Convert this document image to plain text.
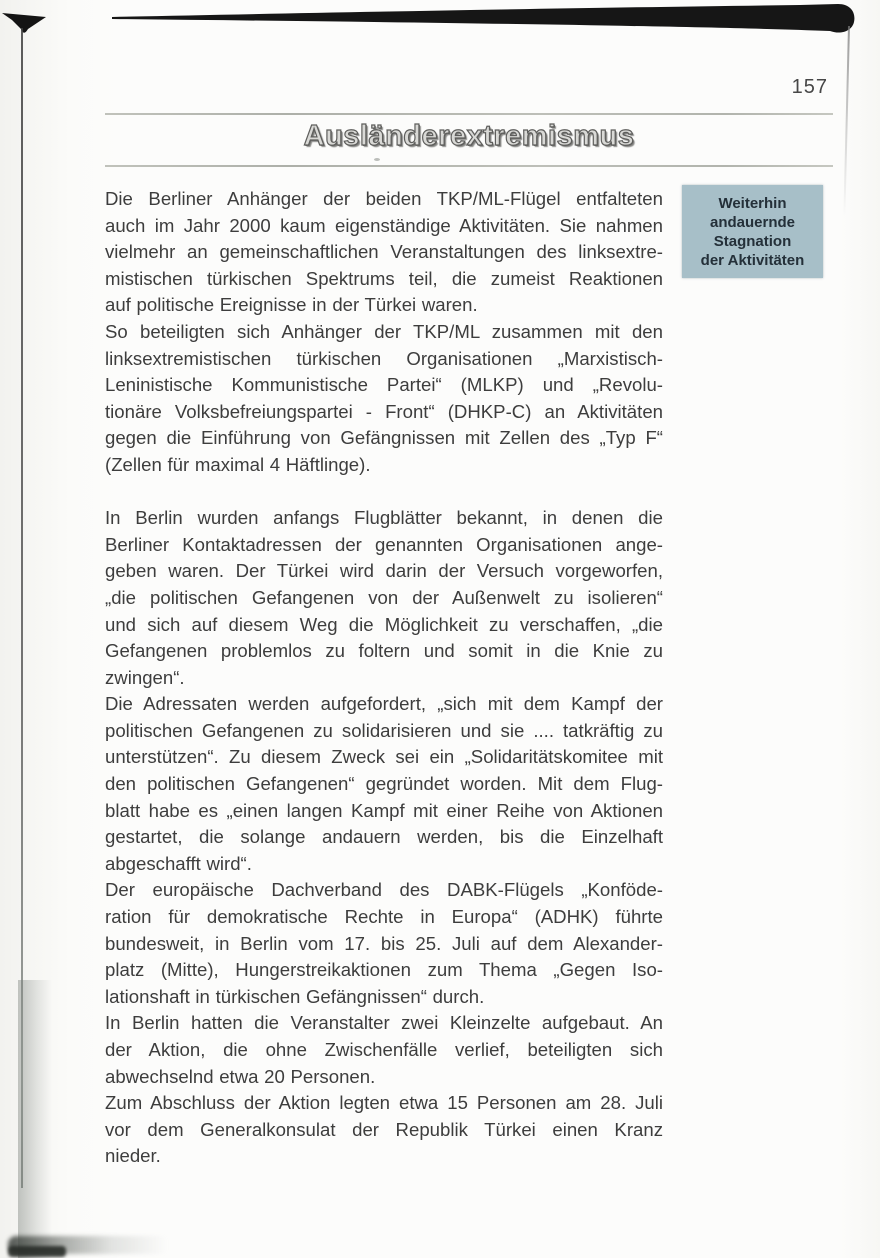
157
Ausländerextremismus
Die Berliner Anhänger der beiden TKP/ML-Flügel entfalteten
auch im Jahr 2000 kaum eigenständige Aktivitäten. Sie nahmen
vielmehr an gemeinschaftlichen Veranstaltungen des linksextre-
mistischen türkischen Spektrums teil, die zumeist Reaktionen
auf politische Ereignisse in der Türkei waren.
So beteiligten sich Anhänger der TKP/ML zusammen mit den
linksextremistischen türkischen Organisationen „Marxistisch-
Leninistische Kommunistische Partei“ (MLKP) und „Revolu-
tionäre Volksbefreiungspartei - Front“ (DHKP-C) an Aktivitäten
gegen die Einführung von Gefängnissen mit Zellen des „Typ F“
(Zellen für maximal 4 Häftlinge).
In Berlin wurden anfangs Flugblätter bekannt, in denen die
Berliner Kontaktadressen der genannten Organisationen ange-
geben waren. Der Türkei wird darin der Versuch vorgeworfen,
„die politischen Gefangenen von der Außenwelt zu isolieren“
und sich auf diesem Weg die Möglichkeit zu verschaffen, „die
Gefangenen problemlos zu foltern und somit in die Knie zu
zwingen“.
Die Adressaten werden aufgefordert, „sich mit dem Kampf der
politischen Gefangenen zu solidarisieren und sie .... tatkräftig zu
unterstützen“. Zu diesem Zweck sei ein „Solidaritätskomitee mit
den politischen Gefangenen“ gegründet worden. Mit dem Flug-
blatt habe es „einen langen Kampf mit einer Reihe von Aktionen
gestartet, die solange andauern werden, bis die Einzelhaft
abgeschafft wird“.
Der europäische Dachverband des DABK-Flügels „Konföde-
ration für demokratische Rechte in Europa“ (ADHK) führte
bundesweit, in Berlin vom 17. bis 25. Juli auf dem Alexander-
platz (Mitte), Hungerstreikaktionen zum Thema „Gegen Iso-
lationshaft in türkischen Gefängnissen“ durch.
In Berlin hatten die Veranstalter zwei Kleinzelte aufgebaut. An
der Aktion, die ohne Zwischenfälle verlief, beteiligten sich
abwechselnd etwa 20 Personen.
Zum Abschluss der Aktion legten etwa 15 Personen am 28. Juli
vor dem Generalkonsulat der Republik Türkei einen Kranz
nieder.
Weiterhin
andauernde
Stagnation
der Aktivitäten
